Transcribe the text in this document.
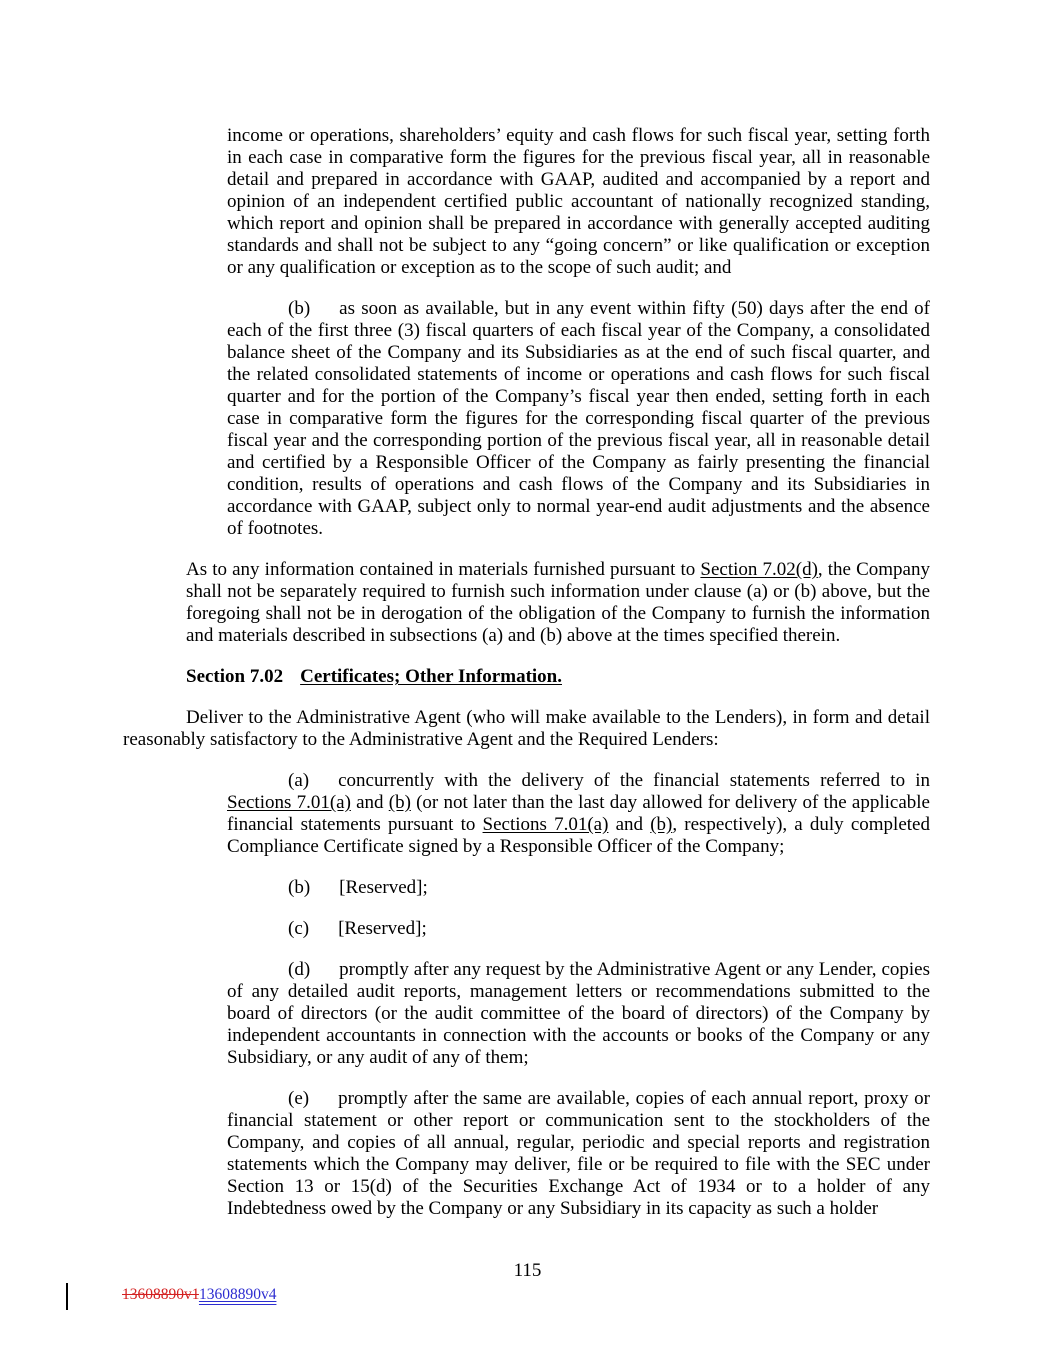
income or operations, shareholders’ equity and cash flows for such fiscal year, setting forth in each case in comparative form the figures for the previous fiscal year, all in reasonable detail and prepared in accordance with GAAP, audited and accompanied by a report and opinion of an independent certified public accountant of nationally recognized standing, which report and opinion shall be prepared in accordance with generally accepted auditing standards and shall not be subject to any “going concern” or like qualification or exception or any qualification or exception as to the scope of such audit; and
(b) as soon as available, but in any event within fifty (50) days after the end of each of the first three (3) fiscal quarters of each fiscal year of the Company, a consolidated balance sheet of the Company and its Subsidiaries as at the end of such fiscal quarter, and the related consolidated statements of income or operations and cash flows for such fiscal quarter and for the portion of the Company’s fiscal year then ended, setting forth in each case in comparative form the figures for the corresponding fiscal quarter of the previous fiscal year and the corresponding portion of the previous fiscal year, all in reasonable detail and certified by a Responsible Officer of the Company as fairly presenting the financial condition, results of operations and cash flows of the Company and its Subsidiaries in accordance with GAAP, subject only to normal year-end audit adjustments and the absence of footnotes.
As to any information contained in materials furnished pursuant to Section 7.02(d), the Company shall not be separately required to furnish such information under clause (a) or (b) above, but the foregoing shall not be in derogation of the obligation of the Company to furnish the information and materials described in subsections (a) and (b) above at the times specified therein.
Section 7.02 Certificates; Other Information.
Deliver to the Administrative Agent (who will make available to the Lenders), in form and detail reasonably satisfactory to the Administrative Agent and the Required Lenders:
(a) concurrently with the delivery of the financial statements referred to in Sections 7.01(a) and (b) (or not later than the last day allowed for delivery of the applicable financial statements pursuant to Sections 7.01(a) and (b), respectively), a duly completed Compliance Certificate signed by a Responsible Officer of the Company;
(b) [Reserved];
(c) [Reserved];
(d) promptly after any request by the Administrative Agent or any Lender, copies of any detailed audit reports, management letters or recommendations submitted to the board of directors (or the audit committee of the board of directors) of the Company by independent accountants in connection with the accounts or books of the Company or any Subsidiary, or any audit of any of them;
(e) promptly after the same are available, copies of each annual report, proxy or financial statement or other report or communication sent to the stockholders of the Company, and copies of all annual, regular, periodic and special reports and registration statements which the Company may deliver, file or be required to file with the SEC under Section 13 or 15(d) of the Securities Exchange Act of 1934 or to a holder of any Indebtedness owed by the Company or any Subsidiary in its capacity as such a holder
115
13608890v113608890v4
